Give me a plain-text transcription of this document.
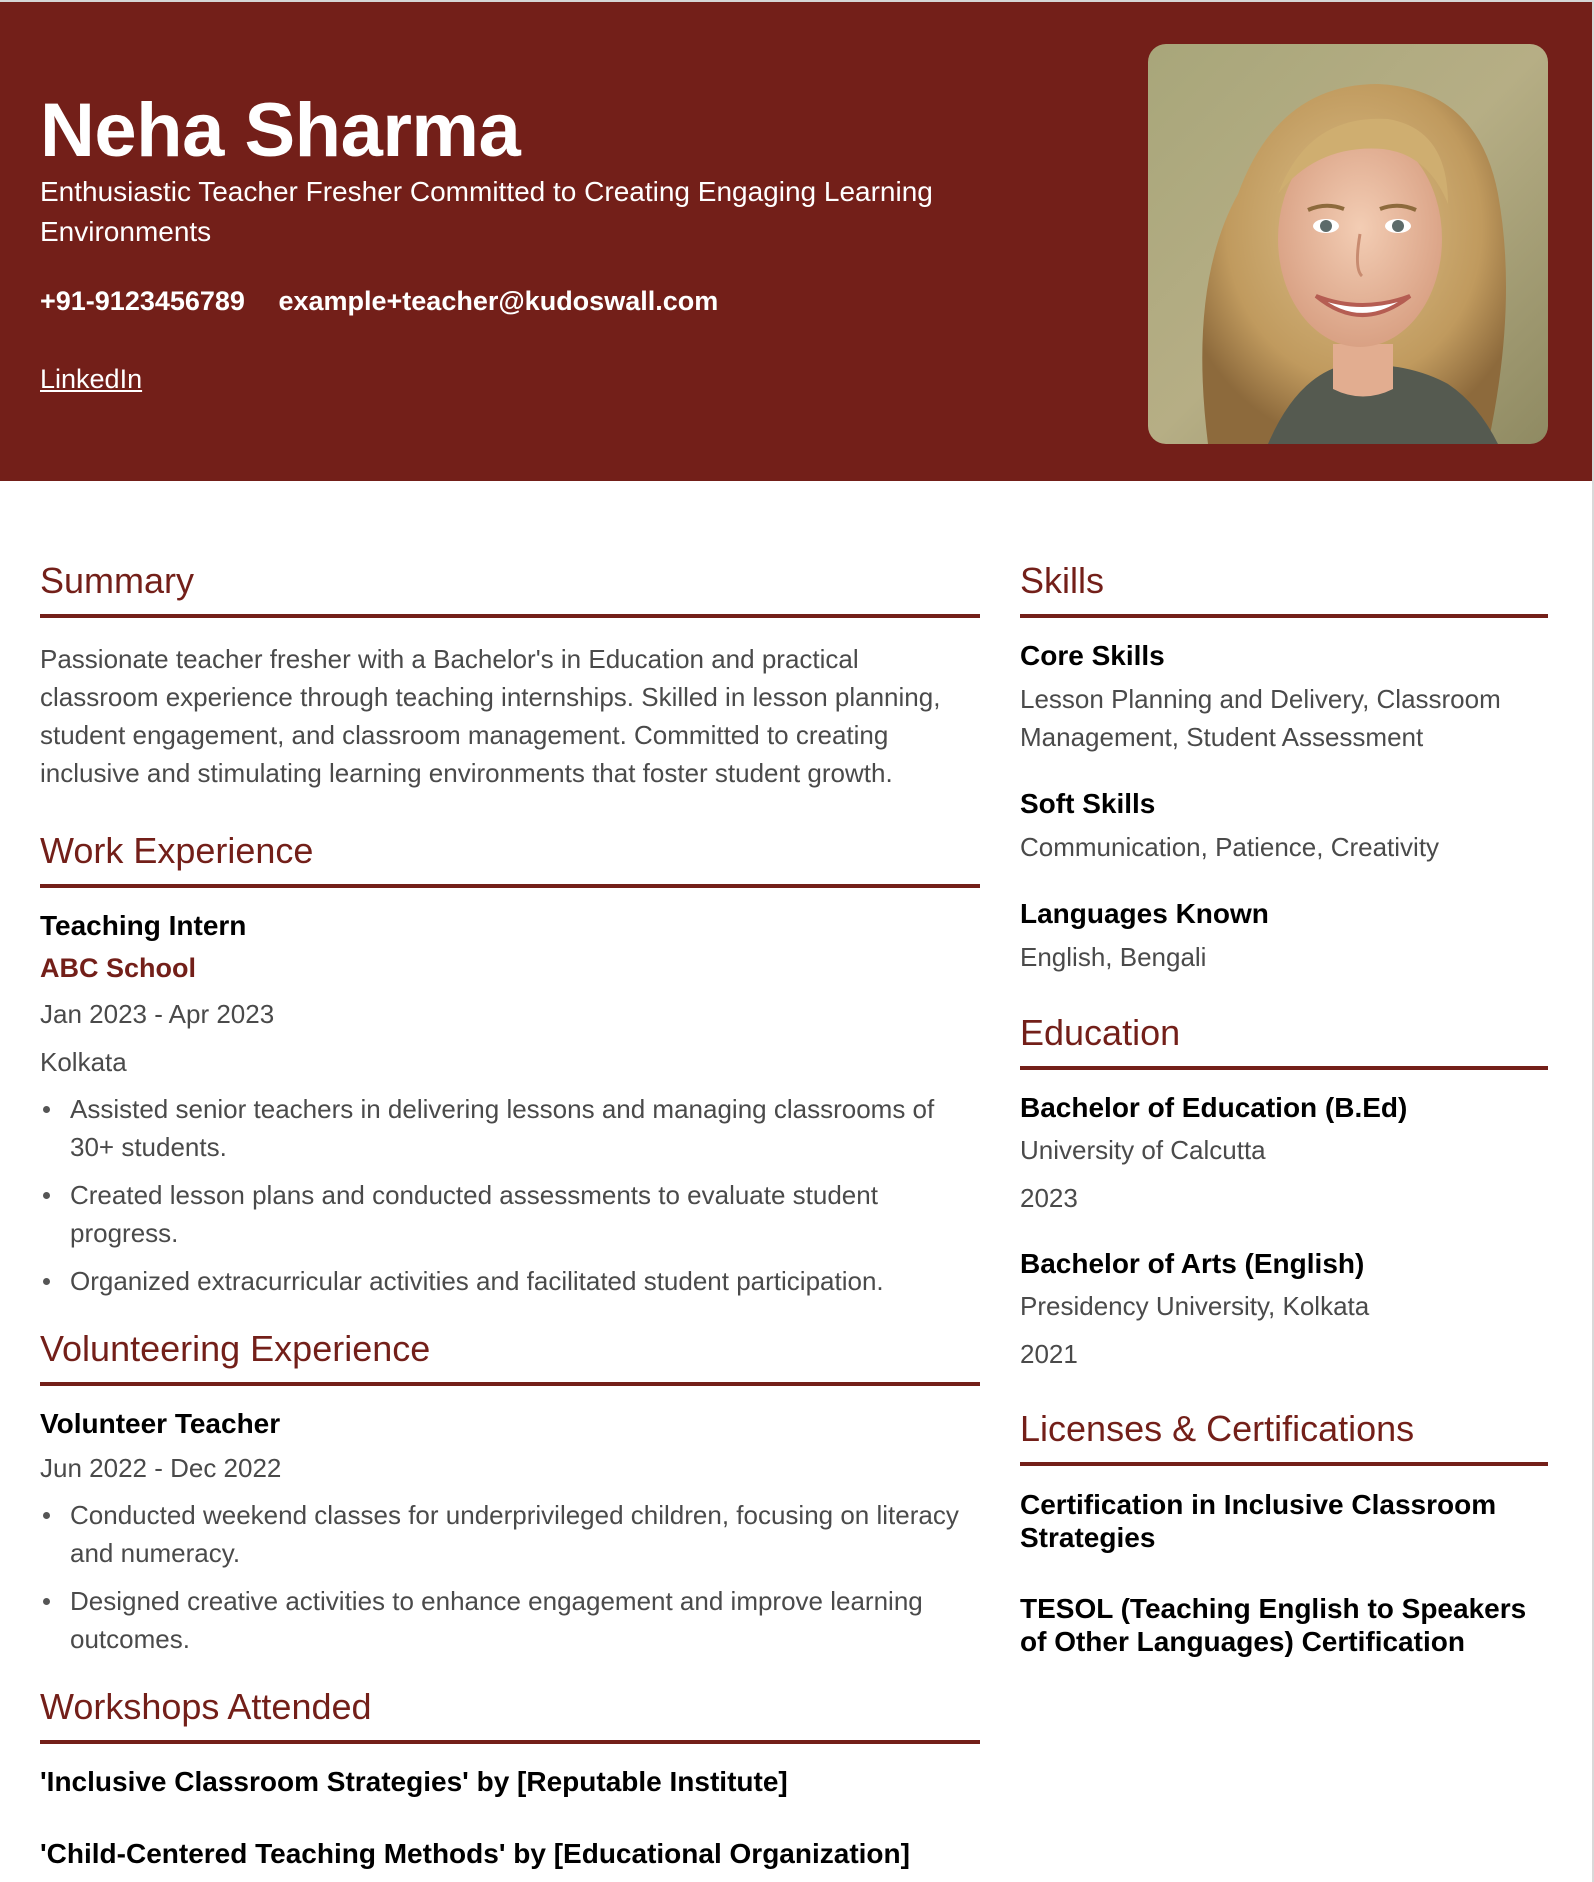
Neha Sharma
Enthusiastic Teacher Fresher Committed to Creating Engaging Learning Environments
+91-9123456789 example+teacher@kudoswall.com
LinkedIn
Summary

Passionate teacher fresher with a Bachelor's in Education and practical classroom experience through teaching internships. Skilled in lesson planning, student engagement, and classroom management. Committed to creating inclusive and stimulating learning environments that foster student growth.

Work Experience
Teaching Intern
ABC School
Jan 2023 - Apr 2023
Kolkata
Assisted senior teachers in delivering lessons and managing classrooms of 30+ students.
Created lesson plans and conducted assessments to evaluate student progress.
Organized extracurricular activities and facilitated student participation.
Volunteering Experience
Volunteer Teacher
Jun 2022 - Dec 2022
Conducted weekend classes for underprivileged children, focusing on literacy and numeracy.
Designed creative activities to enhance engagement and improve learning outcomes.
Workshops Attended
'Inclusive Classroom Strategies' by [Reputable Institute]
'Child-Centered Teaching Methods' by [Educational Organization]
Skills
Core Skills
Lesson Planning and Delivery, Classroom Management, Student Assessment
Soft Skills
Communication, Patience, Creativity
Languages Known
English, Bengali
Education
Bachelor of Education (B.Ed)
University of Calcutta
2023
Bachelor of Arts (English)
Presidency University, Kolkata
2021
Licenses & Certifications
Certification in Inclusive Classroom Strategies
TESOL (Teaching English to Speakers of Other Languages) Certification
